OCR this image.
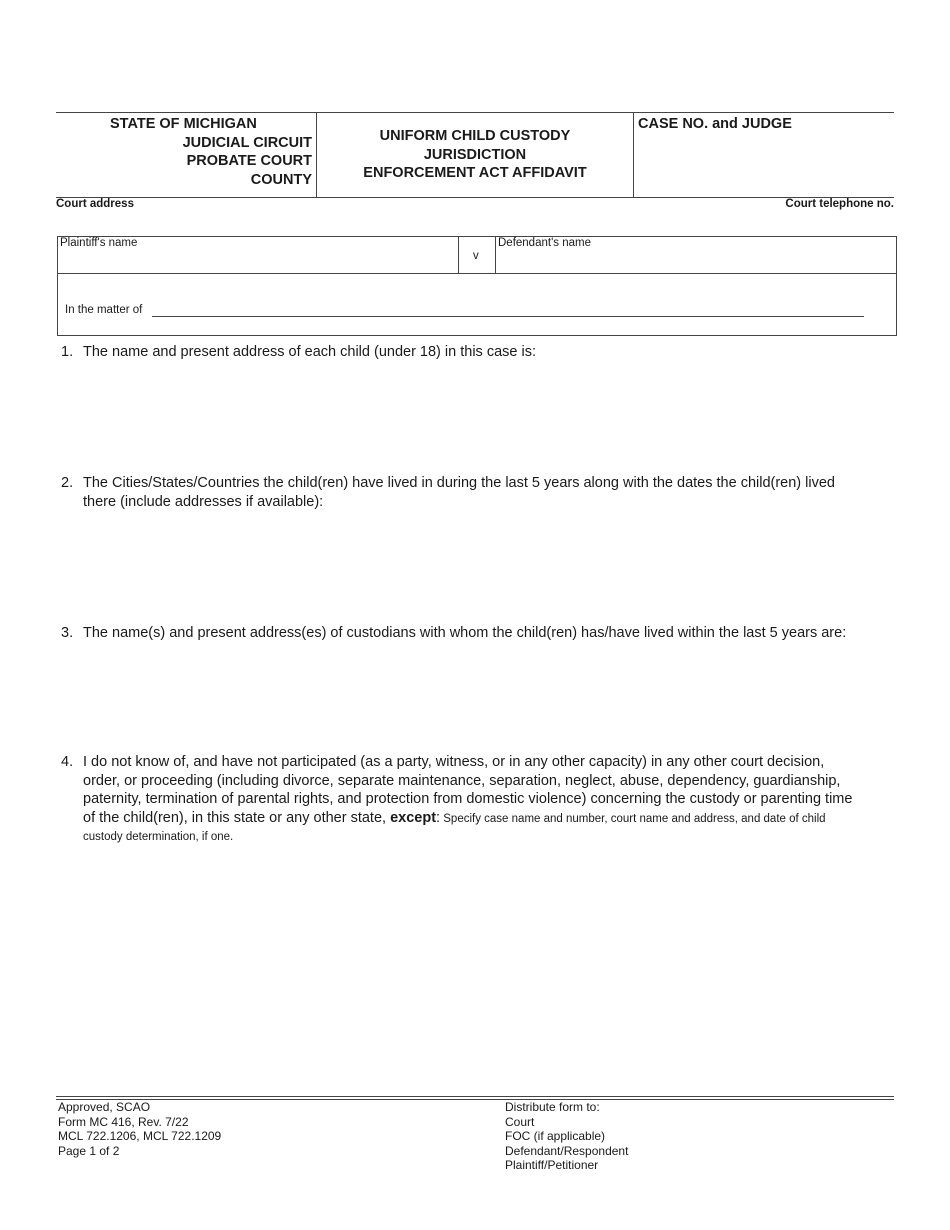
STATE OF MICHIGAN
JUDICIAL CIRCUIT
PROBATE COURT
COUNTY
UNIFORM CHILD CUSTODY
JURISDICTION
ENFORCEMENT ACT AFFIDAVIT
CASE NO. and JUDGE
Court address	Court telephone no.
Plaintiff's name
v
Defendant's name
In the matter of
1. The name and present address of each child (under 18) in this case is:
2. The Cities/States/Countries the child(ren) have lived in during the last 5 years along with the dates the child(ren) lived
there (include addresses if available):
3. The name(s) and present address(es) of custodians with whom the child(ren) has/have lived within the last 5 years are:
4. I do not know of, and have not participated (as a party, witness, or in any other capacity) in any other court decision,
order, or proceeding (including divorce, separate maintenance, separation, neglect, abuse, dependency, guardianship,
paternity, termination of parental rights, and protection from domestic violence) concerning the custody or parenting time
of the child(ren), in this state or any other state, except: Specify case name and number, court name and address, and date of child
custody determination, if one.
Approved, SCAO
Form MC 416, Rev. 7/22
MCL 722.1206, MCL 722.1209
Page 1 of 2
Distribute form to:
Court
FOC (if applicable)
Defendant/Respondent
Plaintiff/Petitioner
